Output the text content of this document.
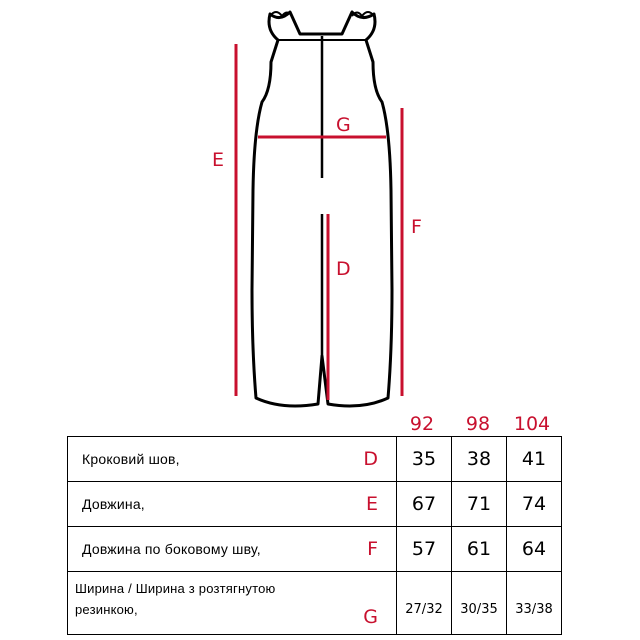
E
G
F
D
92	98	104
Кроковий шов, D	35	38	41

Довжина, E	67	71	74

Довжина по боковому шву, F	57	61	64

Ширина / Ширина з розтягнутою
резинкою, G	27/32	30/35	33/38
